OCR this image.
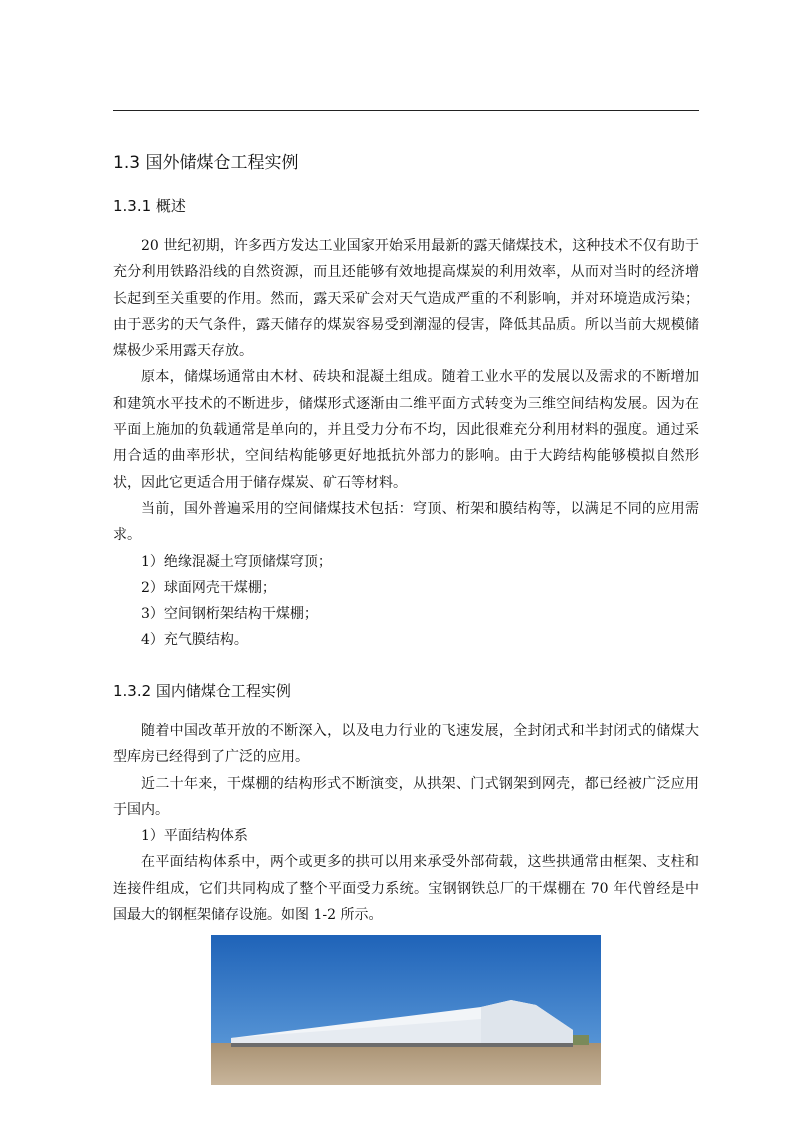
1.3 国外储煤仓工程实例
1.3.1 概述

20 世纪初期，许多西方发达工业国家开始采用最新的露天储煤技术，这种技术不仅有助于充分利用铁路沿线的自然资源，而且还能够有效地提高煤炭的利用效率，从而对当时的经济增长起到至关重要的作用。然而，露天采矿会对天气造成严重的不利影响，并对环境造成污染；由于恶劣的天气条件，露天储存的煤炭容易受到潮湿的侵害，降低其品质。所以当前大规模储煤极少采用露天存放。

原本，储煤场通常由木材、砖块和混凝土组成。随着工业水平的发展以及需求的不断增加和建筑水平技术的不断进步，储煤形式逐渐由二维平面方式转变为三维空间结构发展。因为在平面上施加的负载通常是单向的，并且受力分布不均，因此很难充分利用材料的强度。通过采用合适的曲率形状，空间结构能够更好地抵抗外部力的影响。由于大跨结构能够模拟自然形状，因此它更适合用于储存煤炭、矿石等材料。

当前，国外普遍采用的空间储煤技术包括：穹顶、桁架和膜结构等，以满足不同的应用需求。

1）绝缘混凝土穹顶储煤穹顶；
2）球面网壳干煤棚；
3）空间钢桁架结构干煤棚；
4）充气膜结构。
1.3.2 国内储煤仓工程实例

随着中国改革开放的不断深入，以及电力行业的飞速发展，全封闭式和半封闭式的储煤大型库房已经得到了广泛的应用。

近二十年来，干煤棚的结构形式不断演变，从拱架、门式钢架到网壳，都已经被广泛应用于国内。

1）平面结构体系

在平面结构体系中，两个或更多的拱可以用来承受外部荷载，这些拱通常由框架、支柱和连接件组成，它们共同构成了整个平面受力系统。宝钢钢铁总厂的干煤棚在 70 年代曾经是中国最大的钢框架储存设施。如图 1-2 所示。
